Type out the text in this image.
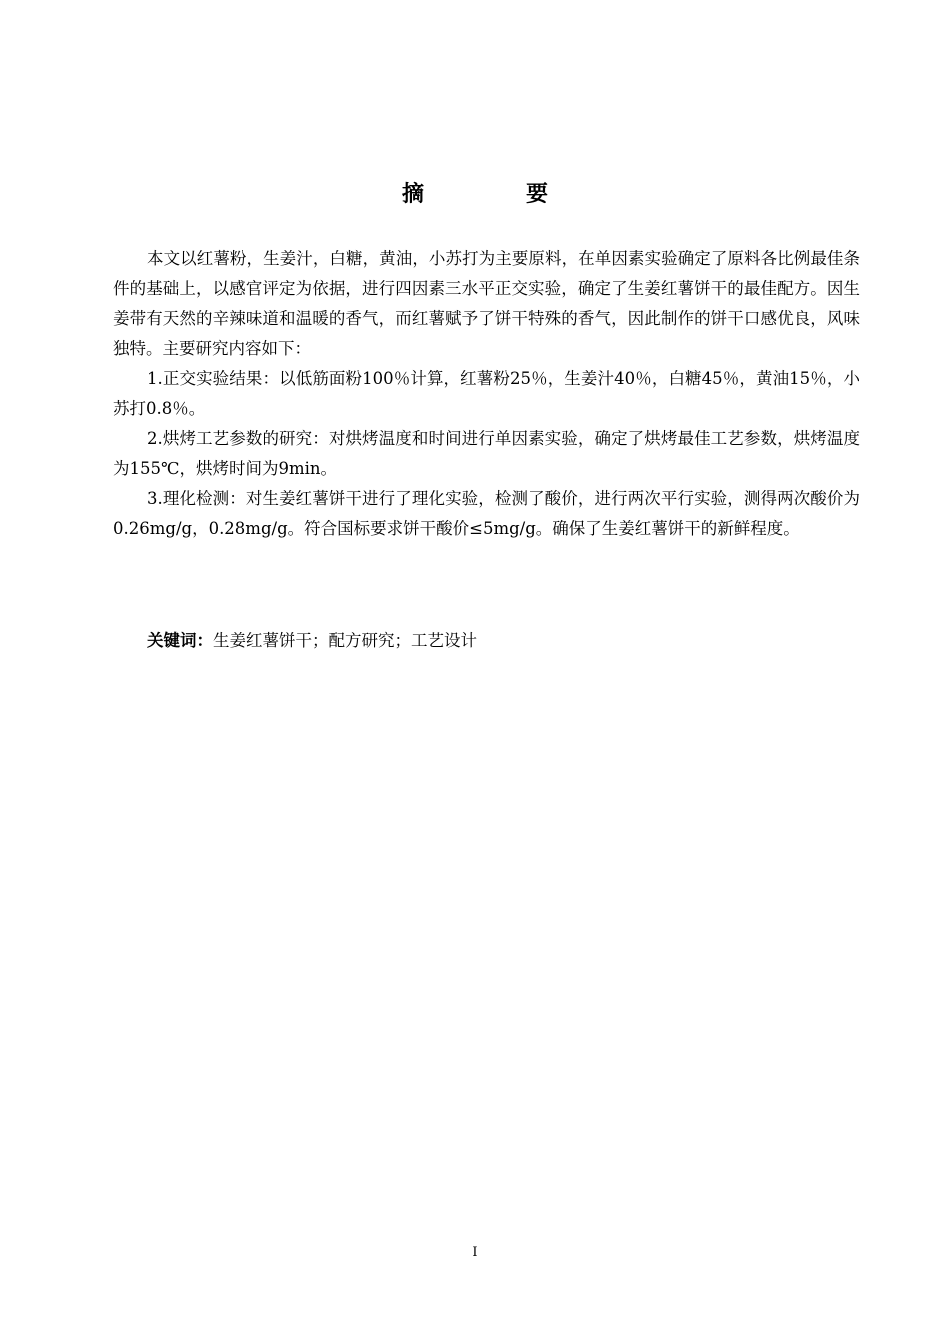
摘　要

本文以红薯粉，生姜汁，白糖，黄油，小苏打为主要原料，在单因素实验确定了原料各比例最佳条件的基础上，以感官评定为依据，进行四因素三水平正交实验，确定了生姜红薯饼干的最佳配方。因生姜带有天然的辛辣味道和温暖的香气，而红薯赋予了饼干特殊的香气，因此制作的饼干口感优良，风味独特。主要研究内容如下：

1.正交实验结果：以低筋面粉100％计算，红薯粉25％，生姜汁40％，白糖45％，黄油15％，小苏打0.8％。

2.烘烤工艺参数的研究：对烘烤温度和时间进行单因素实验，确定了烘烤最佳工艺参数，烘烤温度为155℃，烘烤时间为9min。

3.理化检测：对生姜红薯饼干进行了理化实验，检测了酸价，进行两次平行实验，测得两次酸价为0.26mg/g，0.28mg/g。符合国标要求饼干酸价≤5mg/g。确保了生姜红薯饼干的新鲜程度。

关键词：生姜红薯饼干；配方研究；工艺设计
I
